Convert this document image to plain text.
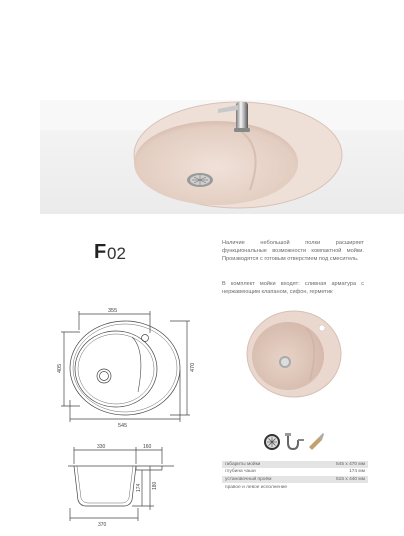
F 02
Наличие небольшой полки расширяет функциональные возможности компактной мойки. Производятся с готовым отверстием под смеситель.
В комплект мойки входят: сливная арматура с нержавеющим клапаном, сифон, герметик
355
545
405	470
330	160
174 180
370
габариты мойки	545 x 470 мм
глубина чаши	174 мм
установочный проём	515 x 440 мм
правое и левое исполнение	
